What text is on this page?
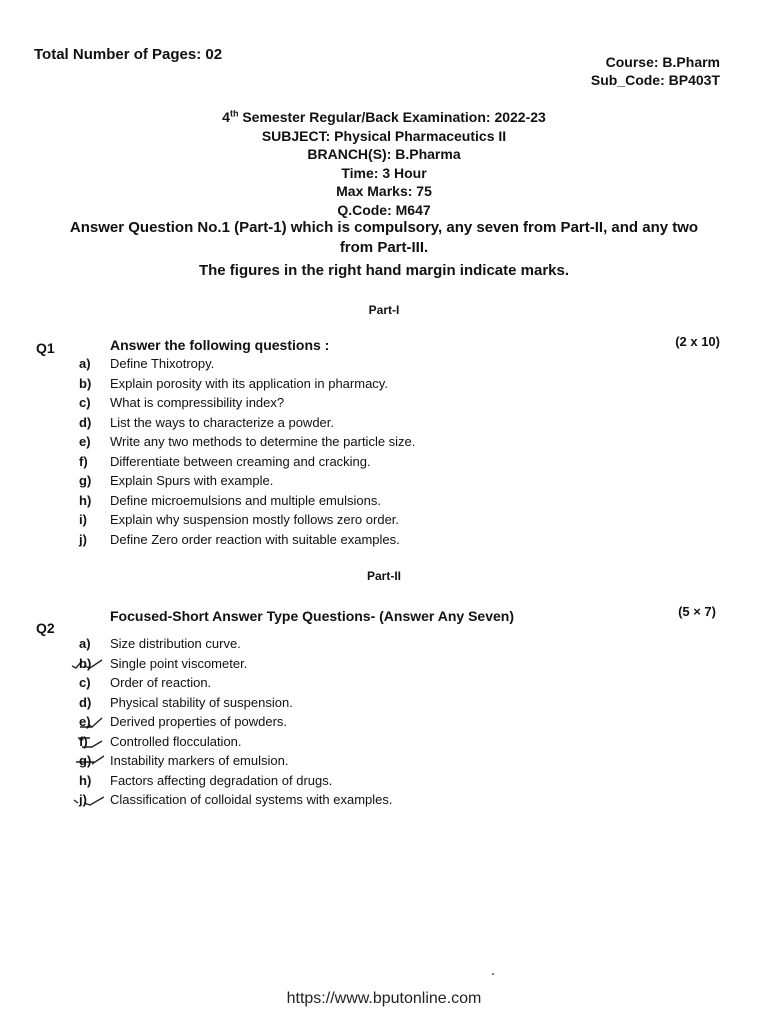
Total Number of Pages: 02	Course: B.Pharm
Sub_Code: BP403T
4th Semester Regular/Back Examination: 2022-23
SUBJECT: Physical Pharmaceutics II
BRANCH(S): B.Pharma
Time: 3 Hour
Max Marks: 75
Q.Code: M647
Answer Question No.1 (Part-1) which is compulsory, any seven from Part-II, and any two
from Part-III.
The figures in the right hand margin indicate marks.
Part-I
Q1	Answer the following questions :	(2 x 10)
a)	Define Thixotropy.
b)	Explain porosity with its application in pharmacy.
c)	What is compressibility index?
d)	List the ways to characterize a powder.
e)	Write any two methods to determine the particle size.
f)	Differentiate between creaming and cracking.
g)	Explain Spurs with example.
h)	Define microemulsions and multiple emulsions.
i)	Explain why suspension mostly follows zero order.
j)	Define Zero order reaction with suitable examples.
Part-II
Q2
Focused-Short Answer Type Questions- (Answer Any Seven)	(5 × 7)
a)	Size distribution curve.
b)	Single point viscometer.
c)	Order of reaction.
d)	Physical stability of suspension.
e)	Derived properties of powders.
f)	Controlled flocculation.
g)	Instability markers of emulsion.
h)	Factors affecting degradation of drugs.
j)	Classification of colloidal systems with examples.
https://www.bputonline.com
